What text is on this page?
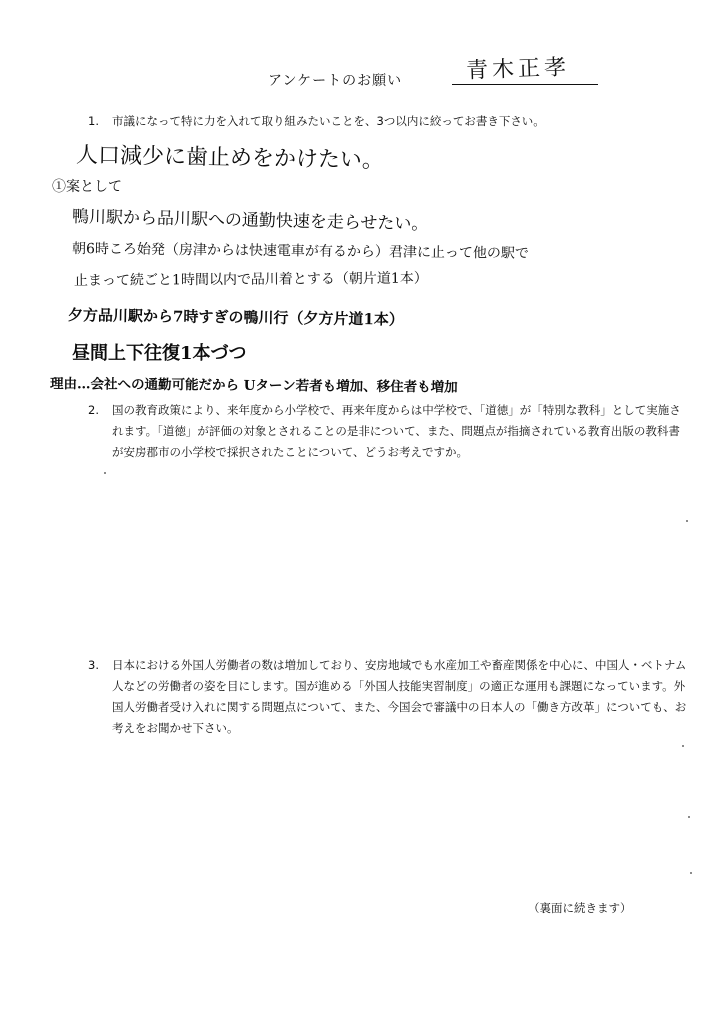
アンケートのお願い	青木正孝
1. 市議になって特に力を入れて取り組みたいことを、3つ以内に絞ってお書き下さい。
人口減少に歯止めをかけたい。
①案として
鴨川駅から品川駅への通勤快速を走らせたい。
朝6時ころ始発（房津からは快速電車が有るから）君津に止って他の駅で
止まって続ごと1時間以内で品川着とする（朝片道1本）
夕方品川駅から7時すぎの鴨川行（夕方片道1本）
昼間上下往復1本づつ
理由…会社への通勤可能だから Uターン若者も増加、移住者も増加
2. 国の教育政策により、来年度から小学校で、再来年度からは中学校で、「道徳」が「特別な教科」として実施されます。「道徳」が評価の対象とされることの是非について、また、問題点が指摘されている教育出版の教科書が安房郡市の小学校で採択されたことについて、どうお考えですか。
3. 日本における外国人労働者の数は増加しており、安房地域でも水産加工や畜産関係を中心に、中国人・ベトナム人などの労働者の姿を目にします。国が進める「外国人技能実習制度」の適正な運用も課題になっています。外国人労働者受け入れに関する問題点について、また、今国会で審議中の日本人の「働き方改革」についても、お考えをお聞かせ下さい。
（裏面に続きます）
